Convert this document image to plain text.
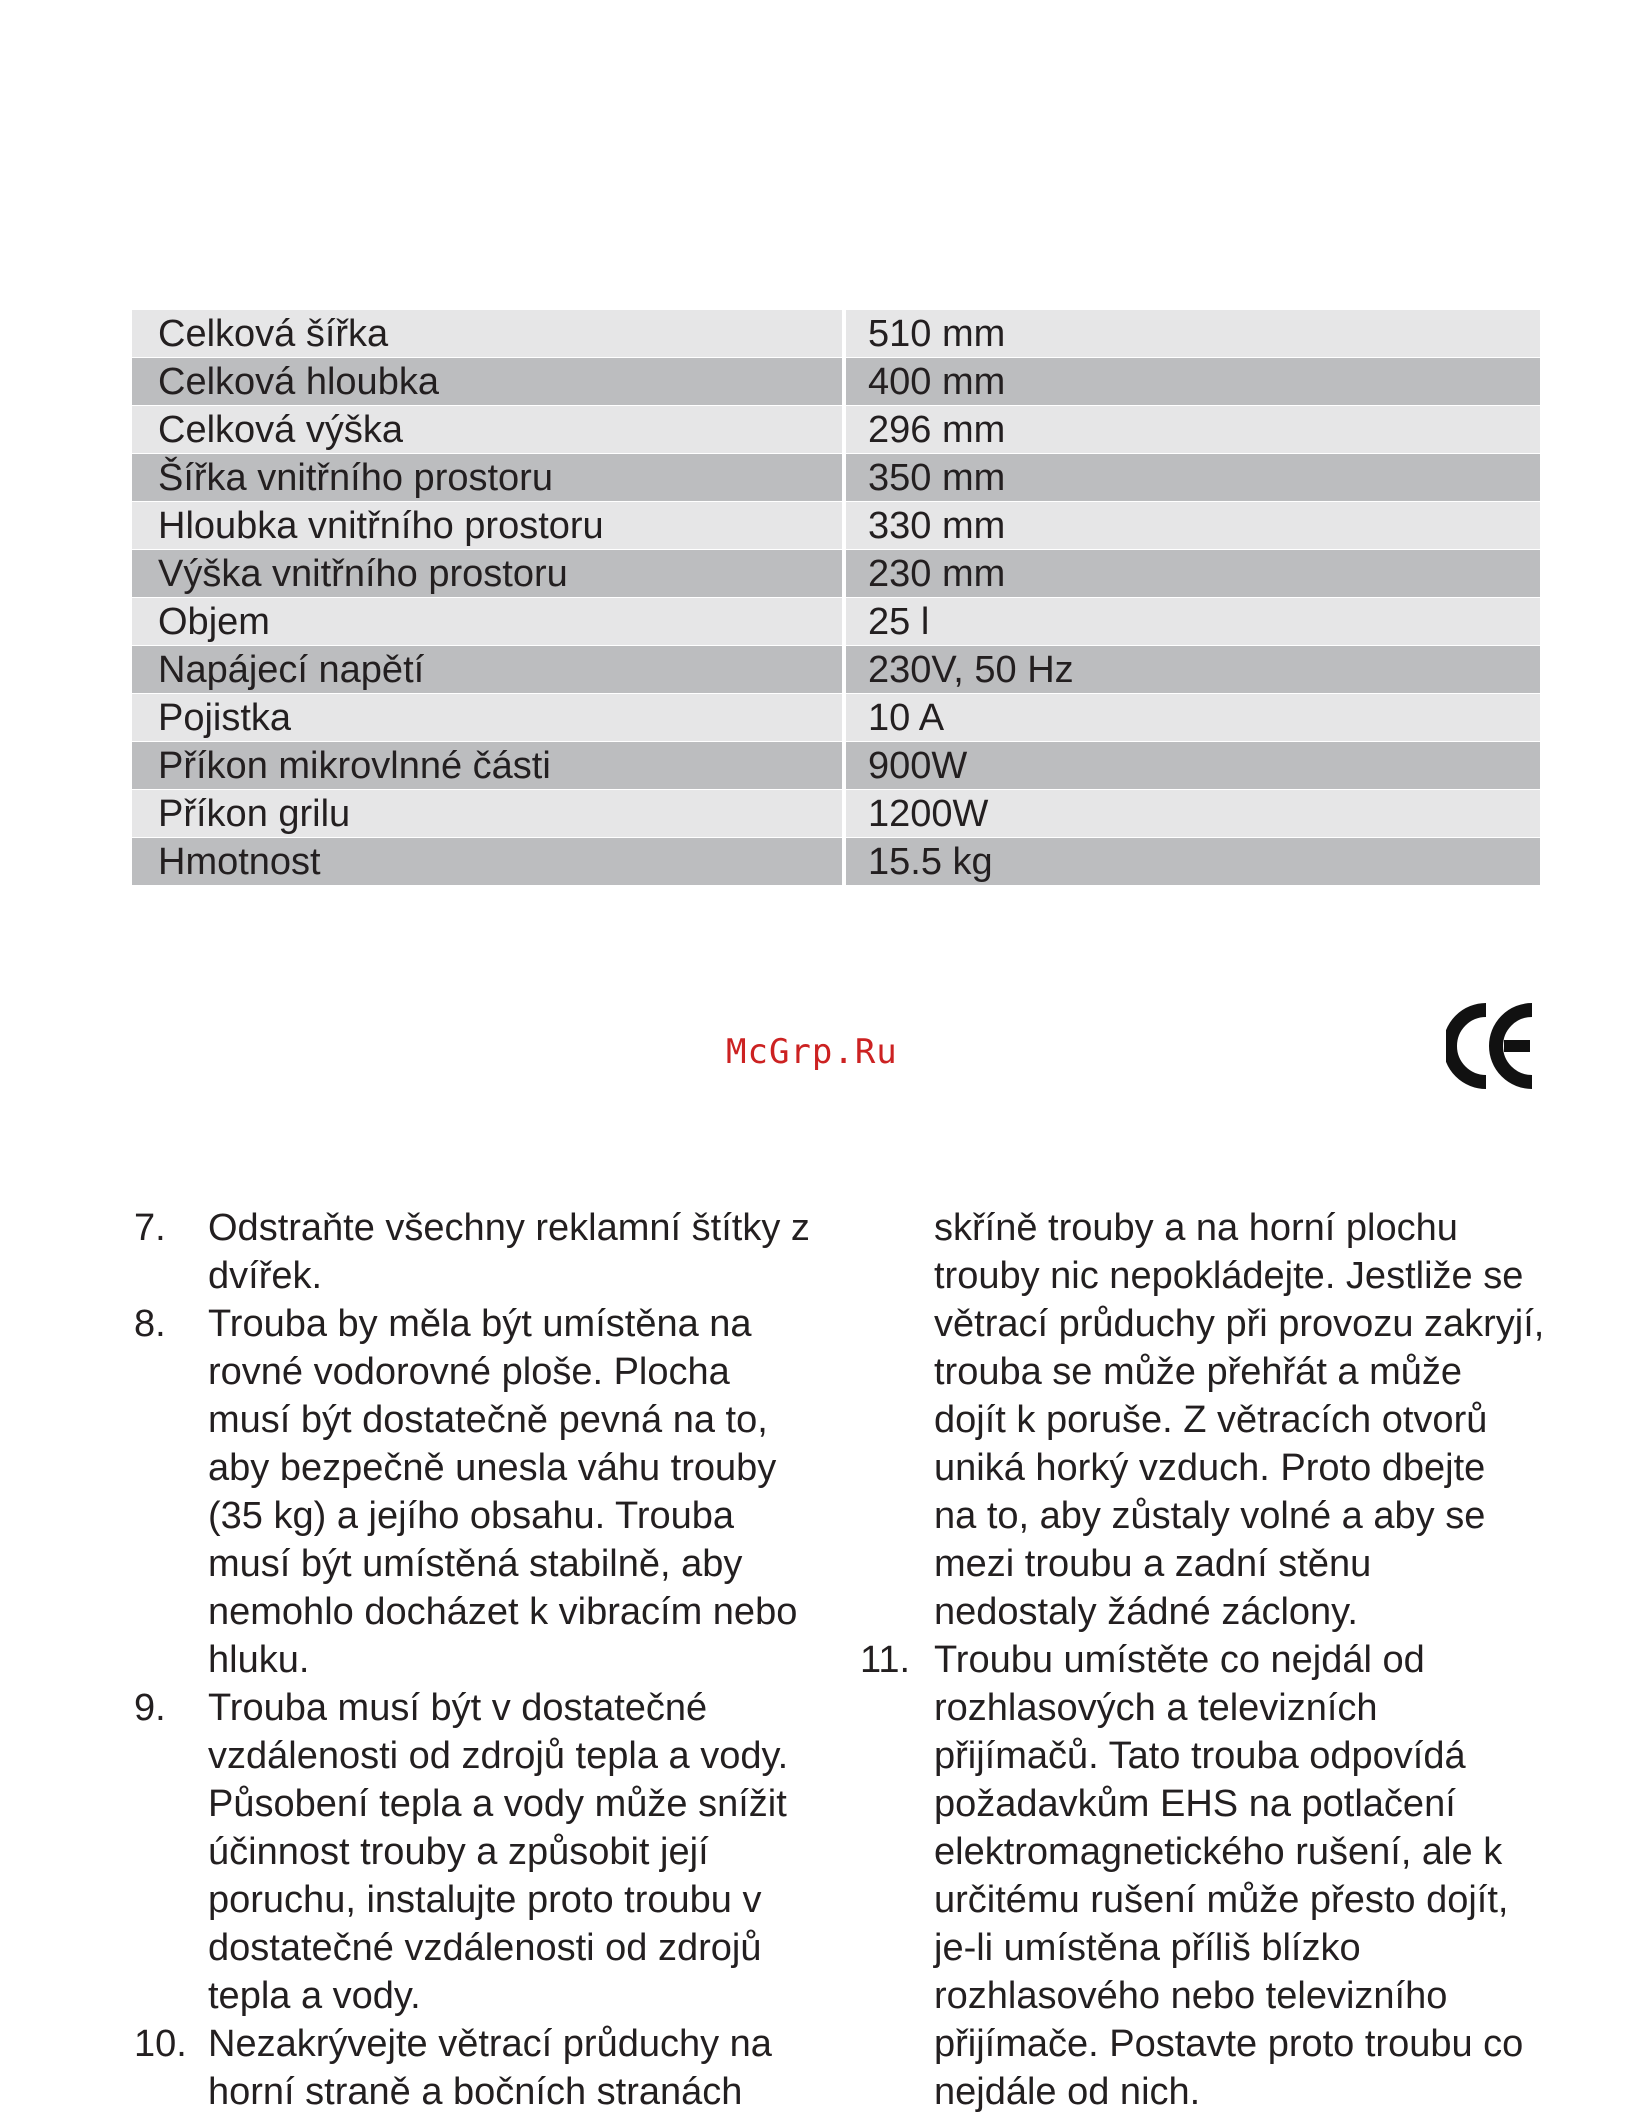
Celková šířka	510 mm
Celková hloubka	400 mm
Celková výška	296 mm
Šířka vnitřního prostoru	350 mm
Hloubka vnitřního prostoru	330 mm
Výška vnitřního prostoru	230 mm
Objem	25 l
Napájecí napětí	230V, 50 Hz
Pojistka	10 A
Příkon mikrovlnné části	900W
Příkon grilu	1200W
Hmotnost	15.5 kg
McGrp.Ru
7.	Odstraňte všechny reklamní štítky z
dvířek.
8.	Trouba by měla být umístěna na
rovné vodorovné ploše. Plocha
musí být dostatečně pevná na to,
aby bezpečně unesla váhu trouby
(35 kg) a jejího obsahu. Trouba
musí být umístěná stabilně, aby
nemohlo docházet k vibracím nebo
hluku.
9.	Trouba musí být v dostatečné
vzdálenosti od zdrojů tepla a vody.
Působení tepla a vody může snížit
účinnost trouby a způsobit její
poruchu, instalujte proto troubu v
dostatečné vzdálenosti od zdrojů
tepla a vody.
10. Nezakrývejte větrací průduchy na
horní straně a bočních stranách
skříně trouby a na horní plochu
trouby nic nepokládejte. Jestliže se
větrací průduchy při provozu zakryjí,
trouba se může přehřát a může
dojít k poruše. Z větracích otvorů
uniká horký vzduch. Proto dbejte
na to, aby zůstaly volné a aby se
mezi troubu a zadní stěnu
nedostaly žádné záclony.
11. Troubu umístěte co nejdál od
rozhlasových a televizních
přijímačů. Tato trouba odpovídá
požadavkům EHS na potlačení
elektromagnetického rušení, ale k
určitému rušení může přesto dojít,
je-li umístěna příliš blízko
rozhlasového nebo televizního
přijímače. Postavte proto troubu co
nejdále od nich.
